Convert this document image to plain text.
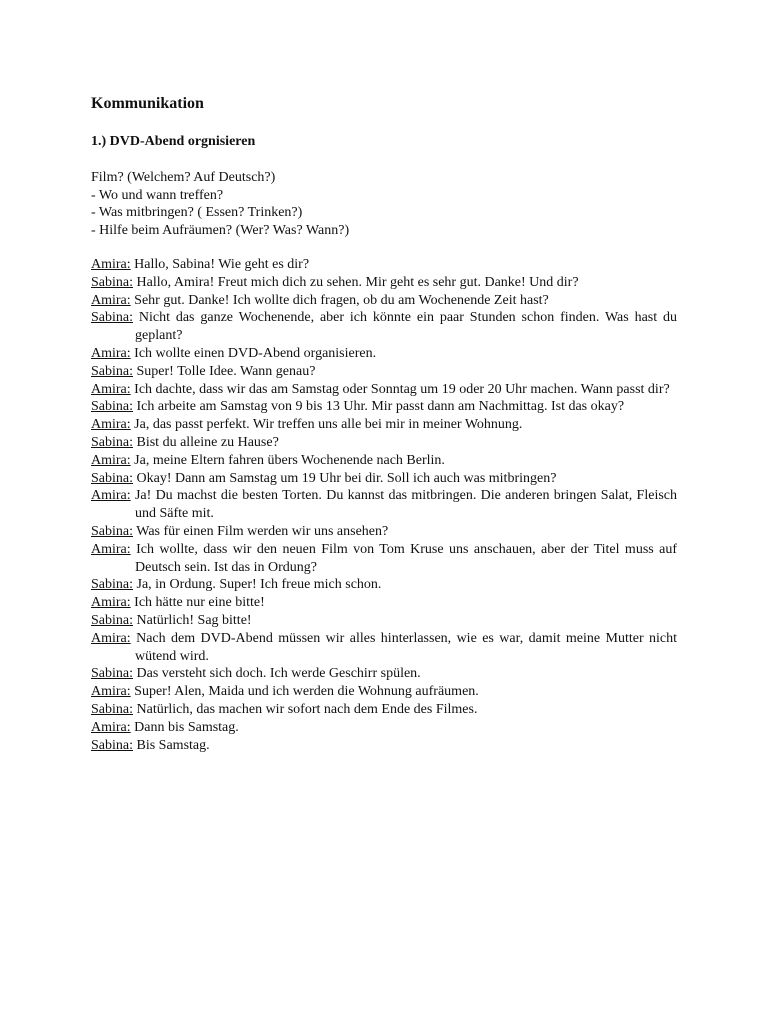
Kommunikation
1.) DVD-Abend orgnisieren
Film? (Welchem? Auf Deutsch?)
- Wo und wann treffen?
- Was mitbringen? ( Essen? Trinken?)
- Hilfe beim Aufräumen? (Wer? Was? Wann?)
Amira: Hallo, Sabina! Wie geht es dir?
Sabina: Hallo, Amira! Freut mich dich zu sehen. Mir geht es sehr gut. Danke! Und dir?
Amira: Sehr gut. Danke! Ich wollte dich fragen, ob du am Wochenende Zeit hast?
Sabina: Nicht das ganze Wochenende, aber ich könnte ein paar Stunden schon finden. Was hast du geplant?
Amira: Ich wollte einen DVD-Abend organisieren.
Sabina: Super! Tolle Idee. Wann genau?
Amira: Ich dachte, dass wir das am Samstag oder Sonntag um 19 oder 20 Uhr machen. Wann passt dir?
Sabina: Ich arbeite am Samstag von 9 bis 13 Uhr. Mir passt dann am Nachmittag. Ist das okay?
Amira: Ja, das passt perfekt. Wir treffen uns alle bei mir in meiner Wohnung.
Sabina: Bist du alleine zu Hause?
Amira: Ja, meine Eltern fahren übers Wochenende nach Berlin.
Sabina: Okay! Dann am Samstag um 19 Uhr bei dir. Soll ich auch was mitbringen?
Amira: Ja! Du machst die besten Torten. Du kannst das mitbringen. Die anderen bringen Salat, Fleisch und Säfte mit.
Sabina: Was für einen Film werden wir uns ansehen?
Amira: Ich wollte, dass wir den neuen Film von Tom Kruse uns anschauen, aber der Titel muss auf Deutsch sein. Ist das in Ordung?
Sabina: Ja, in Ordung. Super! Ich freue mich schon.
Amira: Ich hätte nur eine bitte!
Sabina: Natürlich! Sag bitte!
Amira: Nach dem DVD-Abend müssen wir alles hinterlassen, wie es war, damit meine Mutter nicht wütend wird.
Sabina: Das versteht sich doch. Ich werde Geschirr spülen.
Amira: Super! Alen, Maida und ich werden die Wohnung aufräumen.
Sabina: Natürlich, das machen wir sofort nach dem Ende des Filmes.
Amira: Dann bis Samstag.
Sabina: Bis Samstag.
